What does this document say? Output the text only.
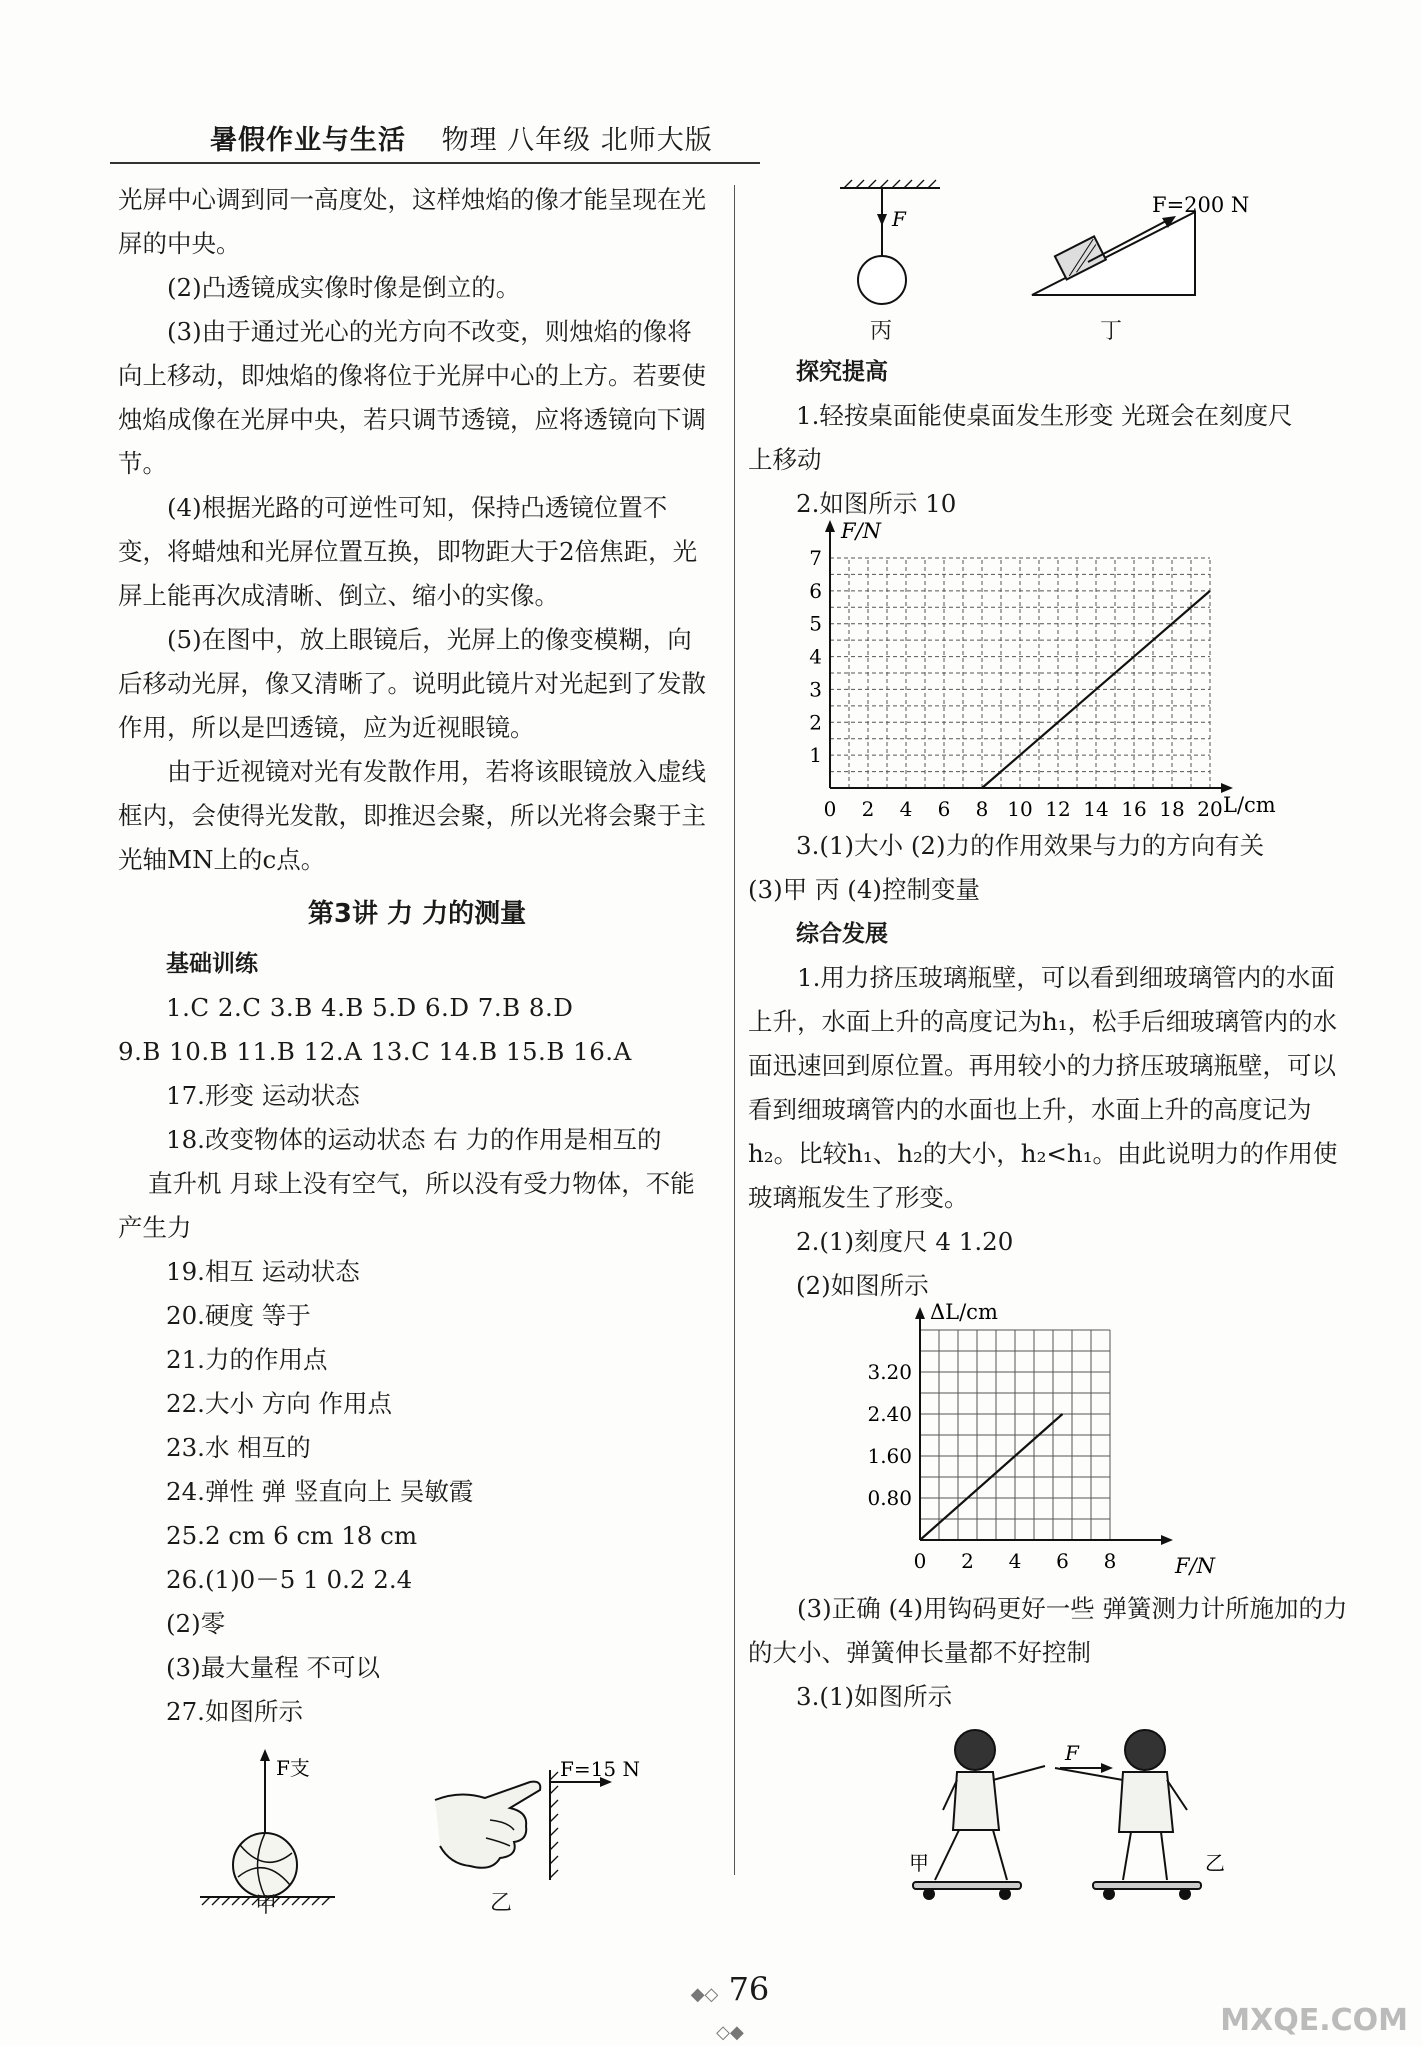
暑假作业与生活 物理 八年级 北师大版

光屏中心调到同一高度处，这样烛焰的像才能呈现在光屏的中央。

(2)凸透镜成实像时像是倒立的。

(3)由于通过光心的光方向不改变，则烛焰的像将向上移动，即烛焰的像将位于光屏中心的上方。若要使烛焰成像在光屏中央，若只调节透镜，应将透镜向下调节。

(4)根据光路的可逆性可知，保持凸透镜位置不变，将蜡烛和光屏位置互换，即物距大于2倍焦距，光屏上能再次成清晰、倒立、缩小的实像。

(5)在图中，放上眼镜后，光屏上的像变模糊，向后移动光屏，像又清晰了。说明此镜片对光起到了发散作用，所以是凹透镜，应为近视眼镜。

由于近视镜对光有发散作用，若将该眼镜放入虚线框内，会使得光发散，即推迟会聚，所以光将会聚于主光轴MN上的c点。

第3讲 力 力的测量

基础训练

1.C 2.C 3.B 4.B 5.D 6.D 7.B 8.D

9.B 10.B 11.B 12.A 13.C 14.B 15.B 16.A

17.形变 运动状态

18.改变物体的运动状态 右 力的作用是相互的

直升机 月球上没有空气，所以没有受力物体，不能

产生力

19.相互 运动状态

20.硬度 等于

21.力的作用点

22.大小 方向 作用点

23.水 相互的

24.弹性 弹 竖直向上 吴敏霞

25.2 cm 6 cm 18 cm

26.(1)0－5 1 0.2 2.4

(2)零

(3)最大量程 不可以

27.如图所示

F支
甲
F=15 N
乙
F
丙
F=200 N
丁

探究提高

1.轻按桌面能使桌面发生形变 光斑会在刻度尺

上移动

2.如图所示 10

0 2 4 6 8 10 12 14 16 18 20
1
2
3
4
5
6
7
F/N
L/cm

3.(1)大小 (2)力的作用效果与力的方向有关

(3)甲 丙 (4)控制变量

综合发展

1.用力挤压玻璃瓶壁，可以看到细玻璃管内的水面上升，水面上升的高度记为h₁，松手后细玻璃管内的水面迅速回到原位置。再用较小的力挤压玻璃瓶壁，可以看到细玻璃管内的水面也上升，水面上升的高度记为h₂。比较h₁、h₂的大小，h₂<h₁。由此说明力的作用使玻璃瓶发生了形变。

2.(1)刻度尺 4 1.20

(2)如图所示

0 2 4 6 8
0.80
1.60
2.40
3.20
ΔL/cm
F/N

(3)正确 (4)用钩码更好一些 弹簧测力计所施加的力的大小、弹簧伸长量都不好控制

3.(1)如图所示

F
甲	乙
◆◇ 76 ◇◆	MXQE.COM
